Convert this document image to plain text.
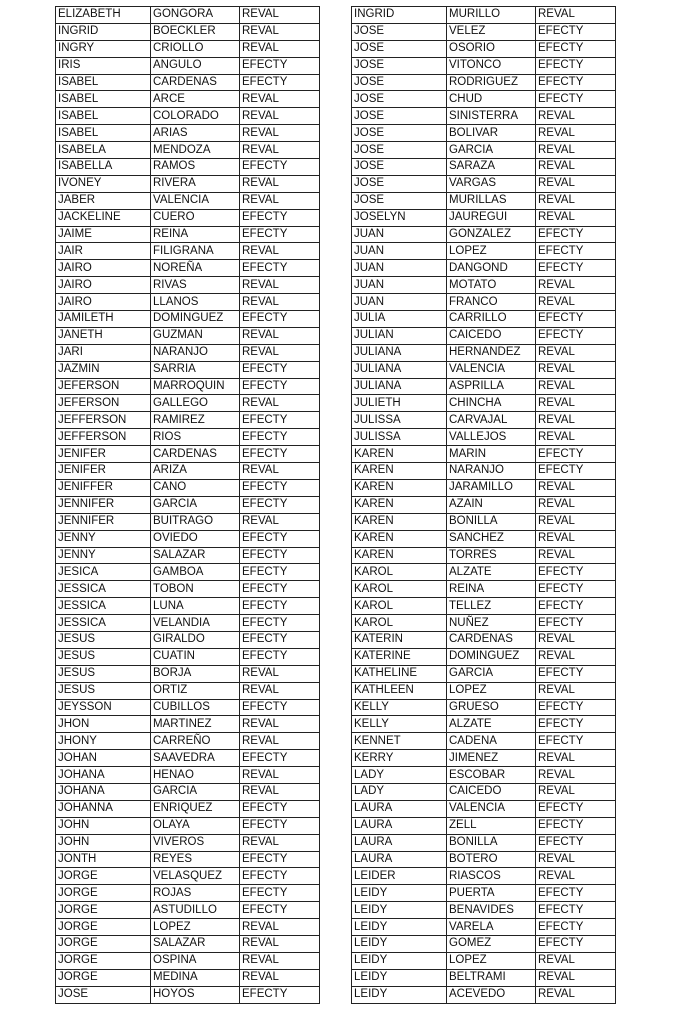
ELIZABETH	GONGORA	REVAL
INGRID	BOECKLER	REVAL
INGRY	CRIOLLO	REVAL
IRIS	ANGULO	EFECTY
ISABEL	CARDENAS	EFECTY
ISABEL	ARCE	REVAL
ISABEL	COLORADO	REVAL
ISABEL	ARIAS	REVAL
ISABELA	MENDOZA	REVAL
ISABELLA	RAMOS	EFECTY
IVONEY	RIVERA	REVAL
JABER	VALENCIA	REVAL
JACKELINE	CUERO	EFECTY
JAIME	REINA	EFECTY
JAIR	FILIGRANA	REVAL
JAIRO	NOREÑA	EFECTY
JAIRO	RIVAS	REVAL
JAIRO	LLANOS	REVAL
JAMILETH	DOMINGUEZ	EFECTY
JANETH	GUZMAN	REVAL
JARI	NARANJO	REVAL
JAZMIN	SARRIA	EFECTY
JEFERSON	MARROQUIN	EFECTY
JEFERSON	GALLEGO	REVAL
JEFFERSON	RAMIREZ	EFECTY
JEFFERSON	RIOS	EFECTY
JENIFER	CARDENAS	EFECTY
JENIFER	ARIZA	REVAL
JENIFFER	CANO	EFECTY
JENNIFER	GARCIA	EFECTY
JENNIFER	BUITRAGO	REVAL
JENNY	OVIEDO	EFECTY
JENNY	SALAZAR	EFECTY
JESICA	GAMBOA	EFECTY
JESSICA	TOBON	EFECTY
JESSICA	LUNA	EFECTY
JESSICA	VELANDIA	EFECTY
JESUS	GIRALDO	EFECTY
JESUS	CUATIN	EFECTY
JESUS	BORJA	REVAL
JESUS	ORTIZ	REVAL
JEYSSON	CUBILLOS	EFECTY
JHON	MARTINEZ	REVAL
JHONY	CARREÑO	REVAL
JOHAN	SAAVEDRA	EFECTY
JOHANA	HENAO	REVAL
JOHANA	GARCIA	REVAL
JOHANNA	ENRIQUEZ	EFECTY
JOHN	OLAYA	EFECTY
JOHN	VIVEROS	REVAL
JONTH	REYES	EFECTY
JORGE	VELASQUEZ	EFECTY
JORGE	ROJAS	EFECTY
JORGE	ASTUDILLO	EFECTY
JORGE	LOPEZ	REVAL
JORGE	SALAZAR	REVAL
JORGE	OSPINA	REVAL
JORGE	MEDINA	REVAL
JOSE	HOYOS	EFECTY
INGRID	MURILLO	REVAL
JOSE	VELEZ	EFECTY
JOSE	OSORIO	EFECTY
JOSE	VITONCO	EFECTY
JOSE	RODRIGUEZ	EFECTY
JOSE	CHUD	EFECTY
JOSE	SINISTERRA	REVAL
JOSE	BOLIVAR	REVAL
JOSE	GARCIA	REVAL
JOSE	SARAZA	REVAL
JOSE	VARGAS	REVAL
JOSE	MURILLAS	REVAL
JOSELYN	JAUREGUI	REVAL
JUAN	GONZALEZ	EFECTY
JUAN	LOPEZ	EFECTY
JUAN	DANGOND	EFECTY
JUAN	MOTATO	REVAL
JUAN	FRANCO	REVAL
JULIA	CARRILLO	EFECTY
JULIAN	CAICEDO	EFECTY
JULIANA	HERNANDEZ	REVAL
JULIANA	VALENCIA	REVAL
JULIANA	ASPRILLA	REVAL
JULIETH	CHINCHA	REVAL
JULISSA	CARVAJAL	REVAL
JULISSA	VALLEJOS	REVAL
KAREN	MARIN	EFECTY
KAREN	NARANJO	EFECTY
KAREN	JARAMILLO	REVAL
KAREN	AZAIN	REVAL
KAREN	BONILLA	REVAL
KAREN	SANCHEZ	REVAL
KAREN	TORRES	REVAL
KAROL	ALZATE	EFECTY
KAROL	REINA	EFECTY
KAROL	TELLEZ	EFECTY
KAROL	NUÑEZ	EFECTY
KATERIN	CARDENAS	REVAL
KATERINE	DOMINGUEZ	REVAL
KATHELINE	GARCIA	EFECTY
KATHLEEN	LOPEZ	REVAL
KELLY	GRUESO	EFECTY
KELLY	ALZATE	EFECTY
KENNET	CADENA	EFECTY
KERRY	JIMENEZ	REVAL
LADY	ESCOBAR	REVAL
LADY	CAICEDO	REVAL
LAURA	VALENCIA	EFECTY
LAURA	ZELL	EFECTY
LAURA	BONILLA	EFECTY
LAURA	BOTERO	REVAL
LEIDER	RIASCOS	REVAL
LEIDY	PUERTA	EFECTY
LEIDY	BENAVIDES	EFECTY
LEIDY	VARELA	EFECTY
LEIDY	GOMEZ	EFECTY
LEIDY	LOPEZ	REVAL
LEIDY	BELTRAMI	REVAL
LEIDY	ACEVEDO	REVAL
